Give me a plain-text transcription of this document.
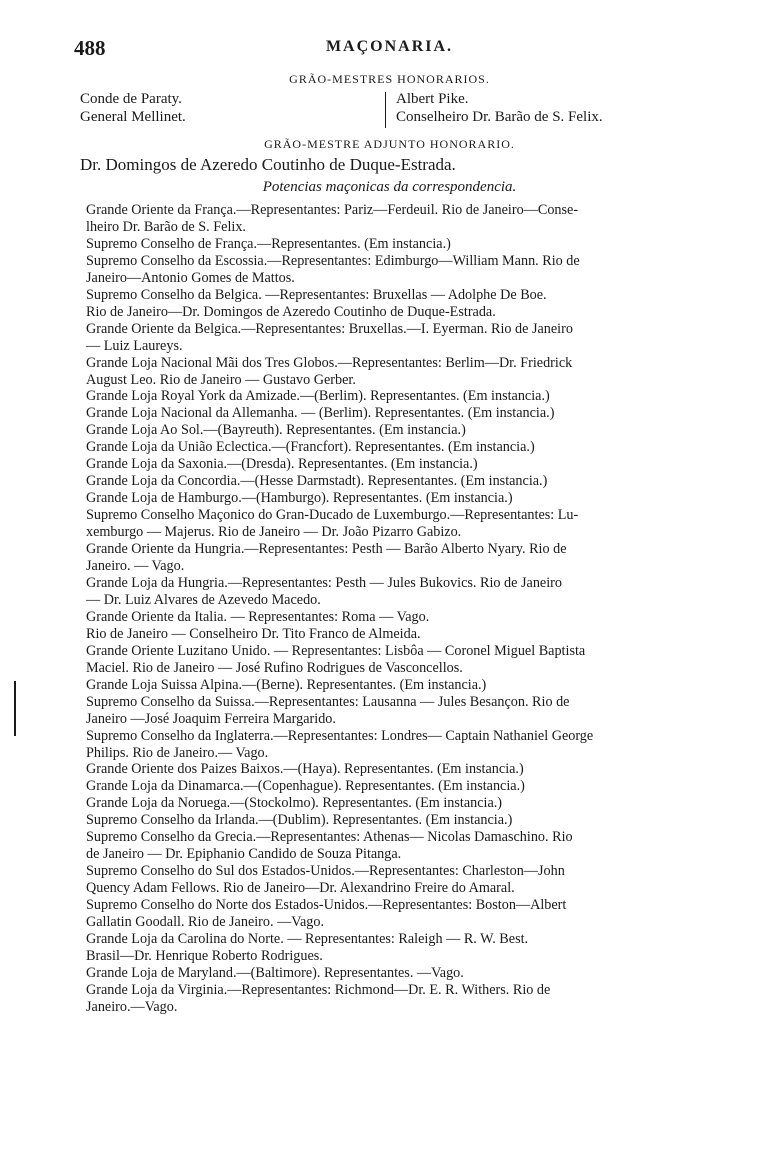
488	MAÇONARIA.
GRÃO-MESTRES HONORARIOS.
Conde de Paraty.
General Mellinet.
Albert Pike.
Conselheiro Dr. Barão de S. Felix.
GRÃO-MESTRE ADJUNTO HONORARIO.
Dr. Domingos de Azeredo Coutinho de Duque-Estrada.
Potencias maçonicas da correspondencia.
Grande Oriente da França.—Representantes: Pariz—Ferdeuil. Rio de Janeiro—Conse-
lheiro Dr. Barão de S. Felix.
Supremo Conselho de França.—Representantes. (Em instancia.)
Supremo Conselho da Escossia.—Representantes: Edimburgo—William Mann. Rio de
Janeiro—Antonio Gomes de Mattos.
Supremo Conselho da Belgica. —Representantes: Bruxellas — Adolphe De Boe.
Rio de Janeiro—Dr. Domingos de Azeredo Coutinho de Duque-Estrada.
Grande Oriente da Belgica.—Representantes: Bruxellas.—I. Eyerman. Rio de Janeiro
— Luiz Laureys.
Grande Loja Nacional Mãi dos Tres Globos.—Representantes: Berlim—Dr. Friedrick
August Leo. Rio de Janeiro — Gustavo Gerber.
Grande Loja Royal York da Amizade.—(Berlim). Representantes. (Em instancia.)
Grande Loja Nacional da Allemanha. — (Berlim). Representantes. (Em instancia.)
Grande Loja Ao Sol.—(Bayreuth). Representantes. (Em instancia.)
Grande Loja da União Eclectica.—(Francfort). Representantes. (Em instancia.)
Grande Loja da Saxonia.—(Dresda). Representantes. (Em instancia.)
Grande Loja da Concordia.—(Hesse Darmstadt). Representantes. (Em instancia.)
Grande Loja de Hamburgo.—(Hamburgo). Representantes. (Em instancia.)
Supremo Conselho Maçonico do Gran-Ducado de Luxemburgo.—Representantes: Lu-
xemburgo — Majerus. Rio de Janeiro — Dr. João Pizarro Gabizo.
Grande Oriente da Hungria.—Representantes: Pesth — Barão Alberto Nyary. Rio de
Janeiro. — Vago.
Grande Loja da Hungria.—Representantes: Pesth — Jules Bukovics. Rio de Janeiro
— Dr. Luiz Alvares de Azevedo Macedo.
Grande Oriente da Italia. — Representantes: Roma — Vago.
Rio de Janeiro — Conselheiro Dr. Tito Franco de Almeida.
Grande Oriente Luzitano Unido. — Representantes: Lisbôa — Coronel Miguel Baptista
Maciel. Rio de Janeiro — José Rufino Rodrigues de Vasconcellos.
Grande Loja Suissa Alpina.—(Berne). Representantes. (Em instancia.)
Supremo Conselho da Suissa.—Representantes: Lausanna — Jules Besançon. Rio de
Janeiro —José Joaquim Ferreira Margarido.
Supremo Conselho da Inglaterra.—Representantes: Londres— Captain Nathaniel George
Philips. Rio de Janeiro.— Vago.
Grande Oriente dos Paizes Baixos.—(Haya). Representantes. (Em instancia.)
Grande Loja da Dinamarca.—(Copenhague). Representantes. (Em instancia.)
Grande Loja da Noruega.—(Stockolmo). Representantes. (Em instancia.)
Supremo Conselho da Irlanda.—(Dublim). Representantes. (Em instancia.)
Supremo Conselho da Grecia.—Representantes: Athenas— Nicolas Damaschino. Rio
de Janeiro — Dr. Epiphanio Candido de Souza Pitanga.
Supremo Conselho do Sul dos Estados-Unidos.—Representantes: Charleston—John
Quency Adam Fellows. Rio de Janeiro—Dr. Alexandrino Freire do Amaral.
Supremo Conselho do Norte dos Estados-Unidos.—Representantes: Boston—Albert
Gallatin Goodall. Rio de Janeiro. —Vago.
Grande Loja da Carolina do Norte. — Representantes: Raleigh — R. W. Best.
Brasil—Dr. Henrique Roberto Rodrigues.
Grande Loja de Maryland.—(Baltimore). Representantes. —Vago.
Grande Loja da Virginia.—Representantes: Richmond—Dr. E. R. Withers. Rio de
Janeiro.—Vago.
